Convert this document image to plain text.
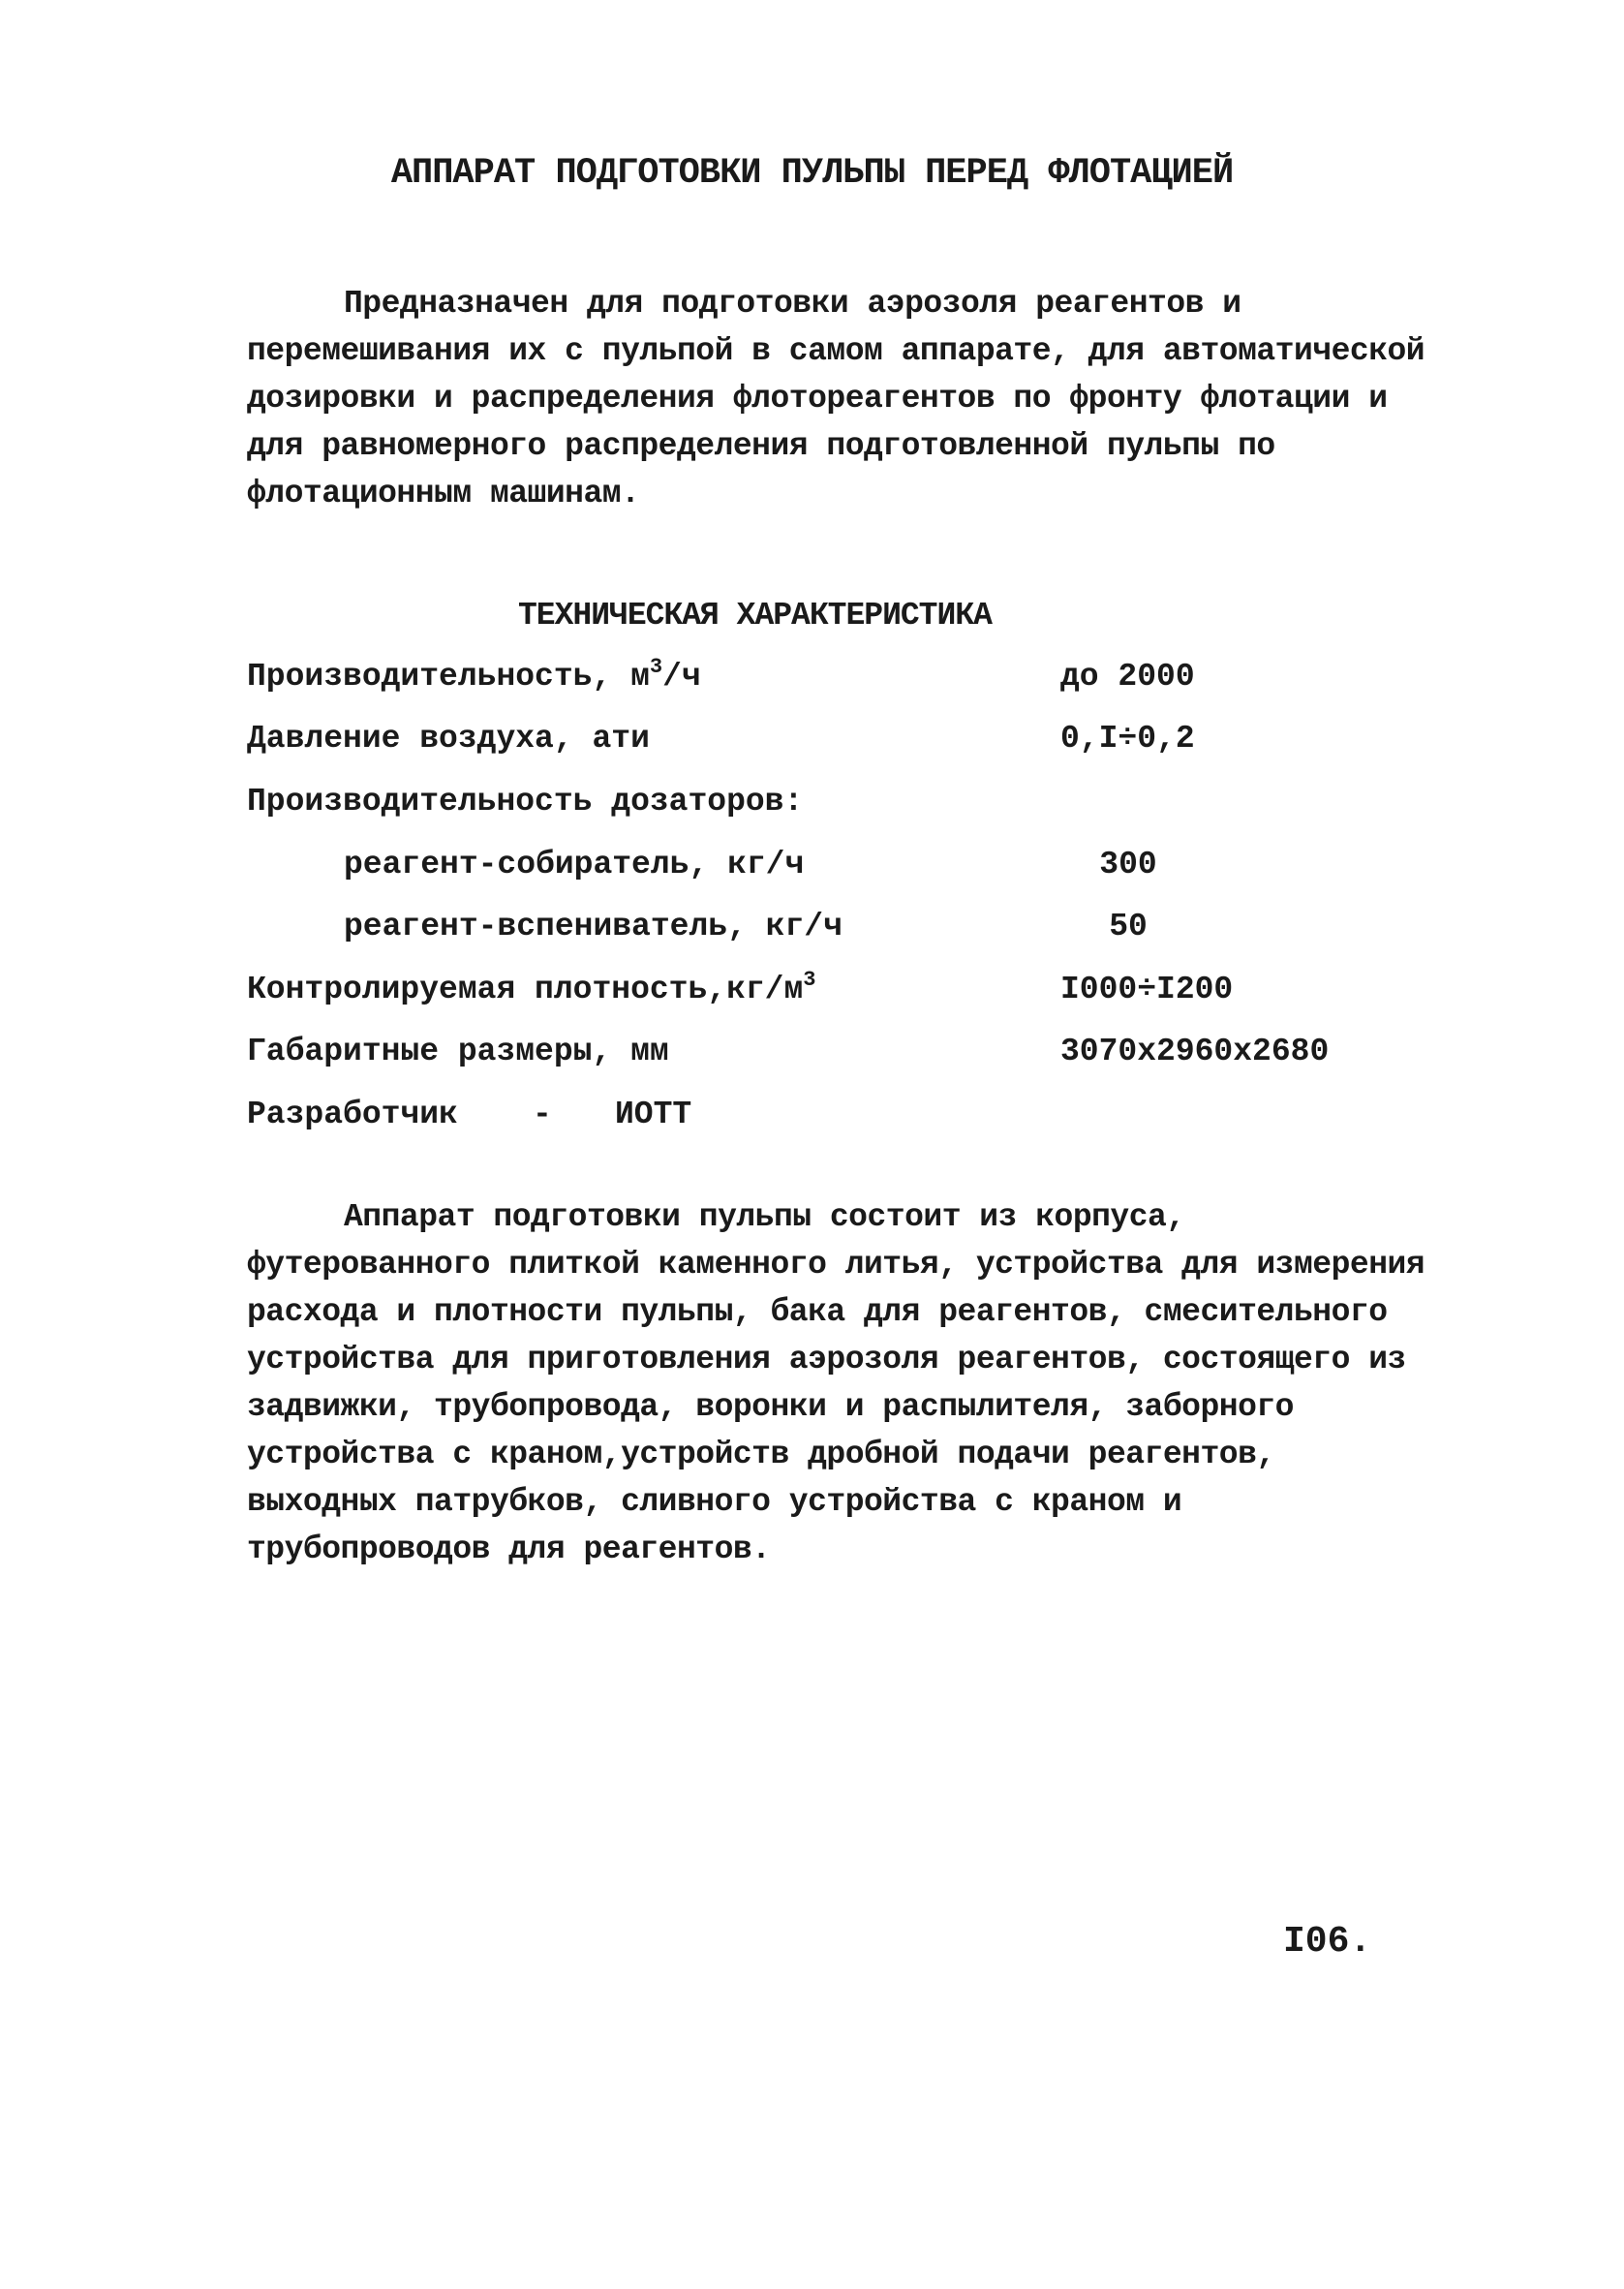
АППАРАТ ПОДГОТОВКИ ПУЛЬПЫ ПЕРЕД ФЛОТАЦИЕЙ
Предназначен для подготовки аэрозоля реагентов и перемешивания их с пульпой в самом аппарате, для автоматической дозировки и распределения флотореагентов по фронту флотации и для равномерного распределения подготовленной пульпы по флотационным машинам.
ТЕХНИЧЕСКАЯ ХАРАКТЕРИСТИКА
Производительность, $м^3/ч$	до 2000
Давление воздуха, ати	0,I÷0,2
Производительность дозаторов:
реагент-собиратель, кг/ч	300
реагент-вспениватель, кг/ч	50
Контролируемая $плотность,кг/м^3$	I000÷I200
Габаритные размеры, мм	3070x2960x2680
Разработчик - ИОТТ
Аппарат подготовки пульпы состоит из корпуса, футерованного плиткой каменного литья, устройства для измерения расхода и плотности пульпы, бака для реагентов, смесительного устройства для приготовления аэрозоля реагентов, состоящего из задвижки, трубопровода, воронки и распылителя, заборного устройства с краном,устройств дробной подачи реагентов, выходных патрубков, сливного устройства с краном и трубопроводов для реагентов.
I06.
